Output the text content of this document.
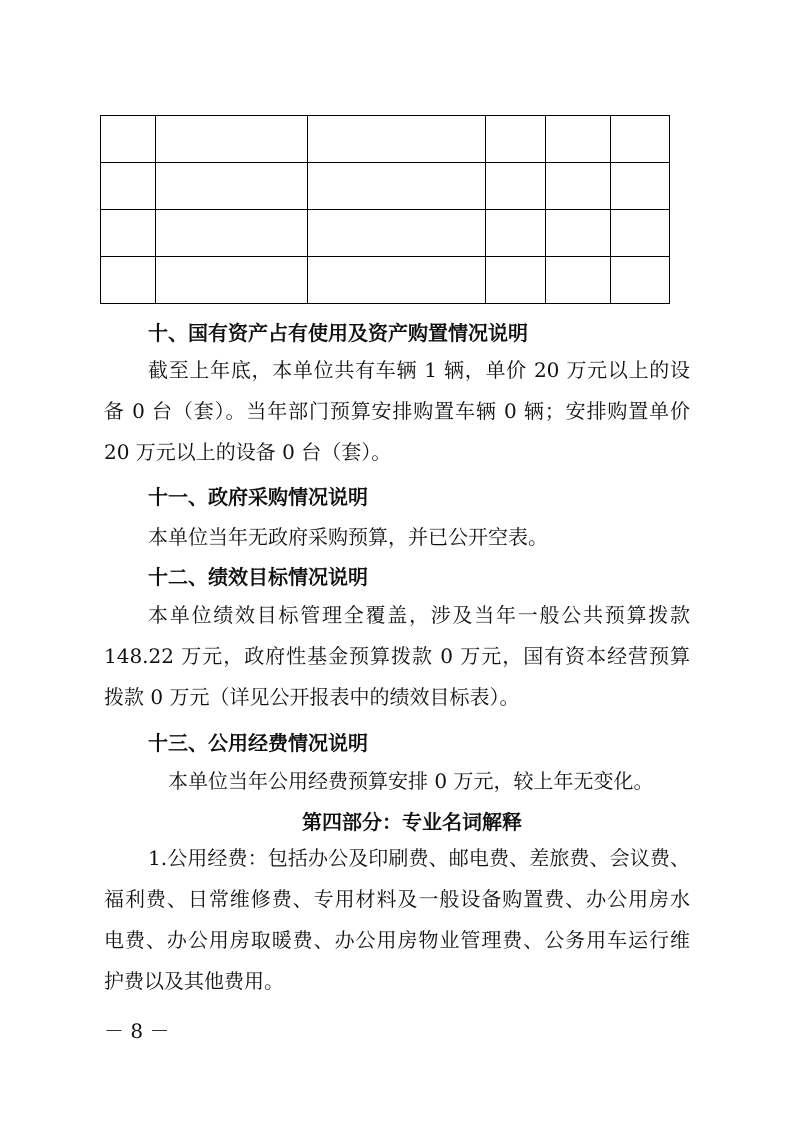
十、国有资产占有使用及资产购置情况说明
截至上年底，本单位共有车辆 1 辆，单价 20 万元以上的设
备 0 台（套）。当年部门预算安排购置车辆 0 辆；安排购置单价
20 万元以上的设备 0 台（套）。
十一、政府采购情况说明
本单位当年无政府采购预算，并已公开空表。
十二、绩效目标情况说明
本单位绩效目标管理全覆盖，涉及当年一般公共预算拨款
148.22 万元，政府性基金预算拨款 0 万元，国有资本经营预算
拨款 0 万元（详见公开报表中的绩效目标表）。
十三、公用经费情况说明
本单位当年公用经费预算安排 0 万元，较上年无变化。
第四部分：专业名词解释
1.公用经费：包括办公及印刷费、邮电费、差旅费、会议费、
福利费、日常维修费、专用材料及一般设备购置费、办公用房水
电费、办公用房取暖费、办公用房物业管理费、公务用车运行维
护费以及其他费用。
－ 8 －
